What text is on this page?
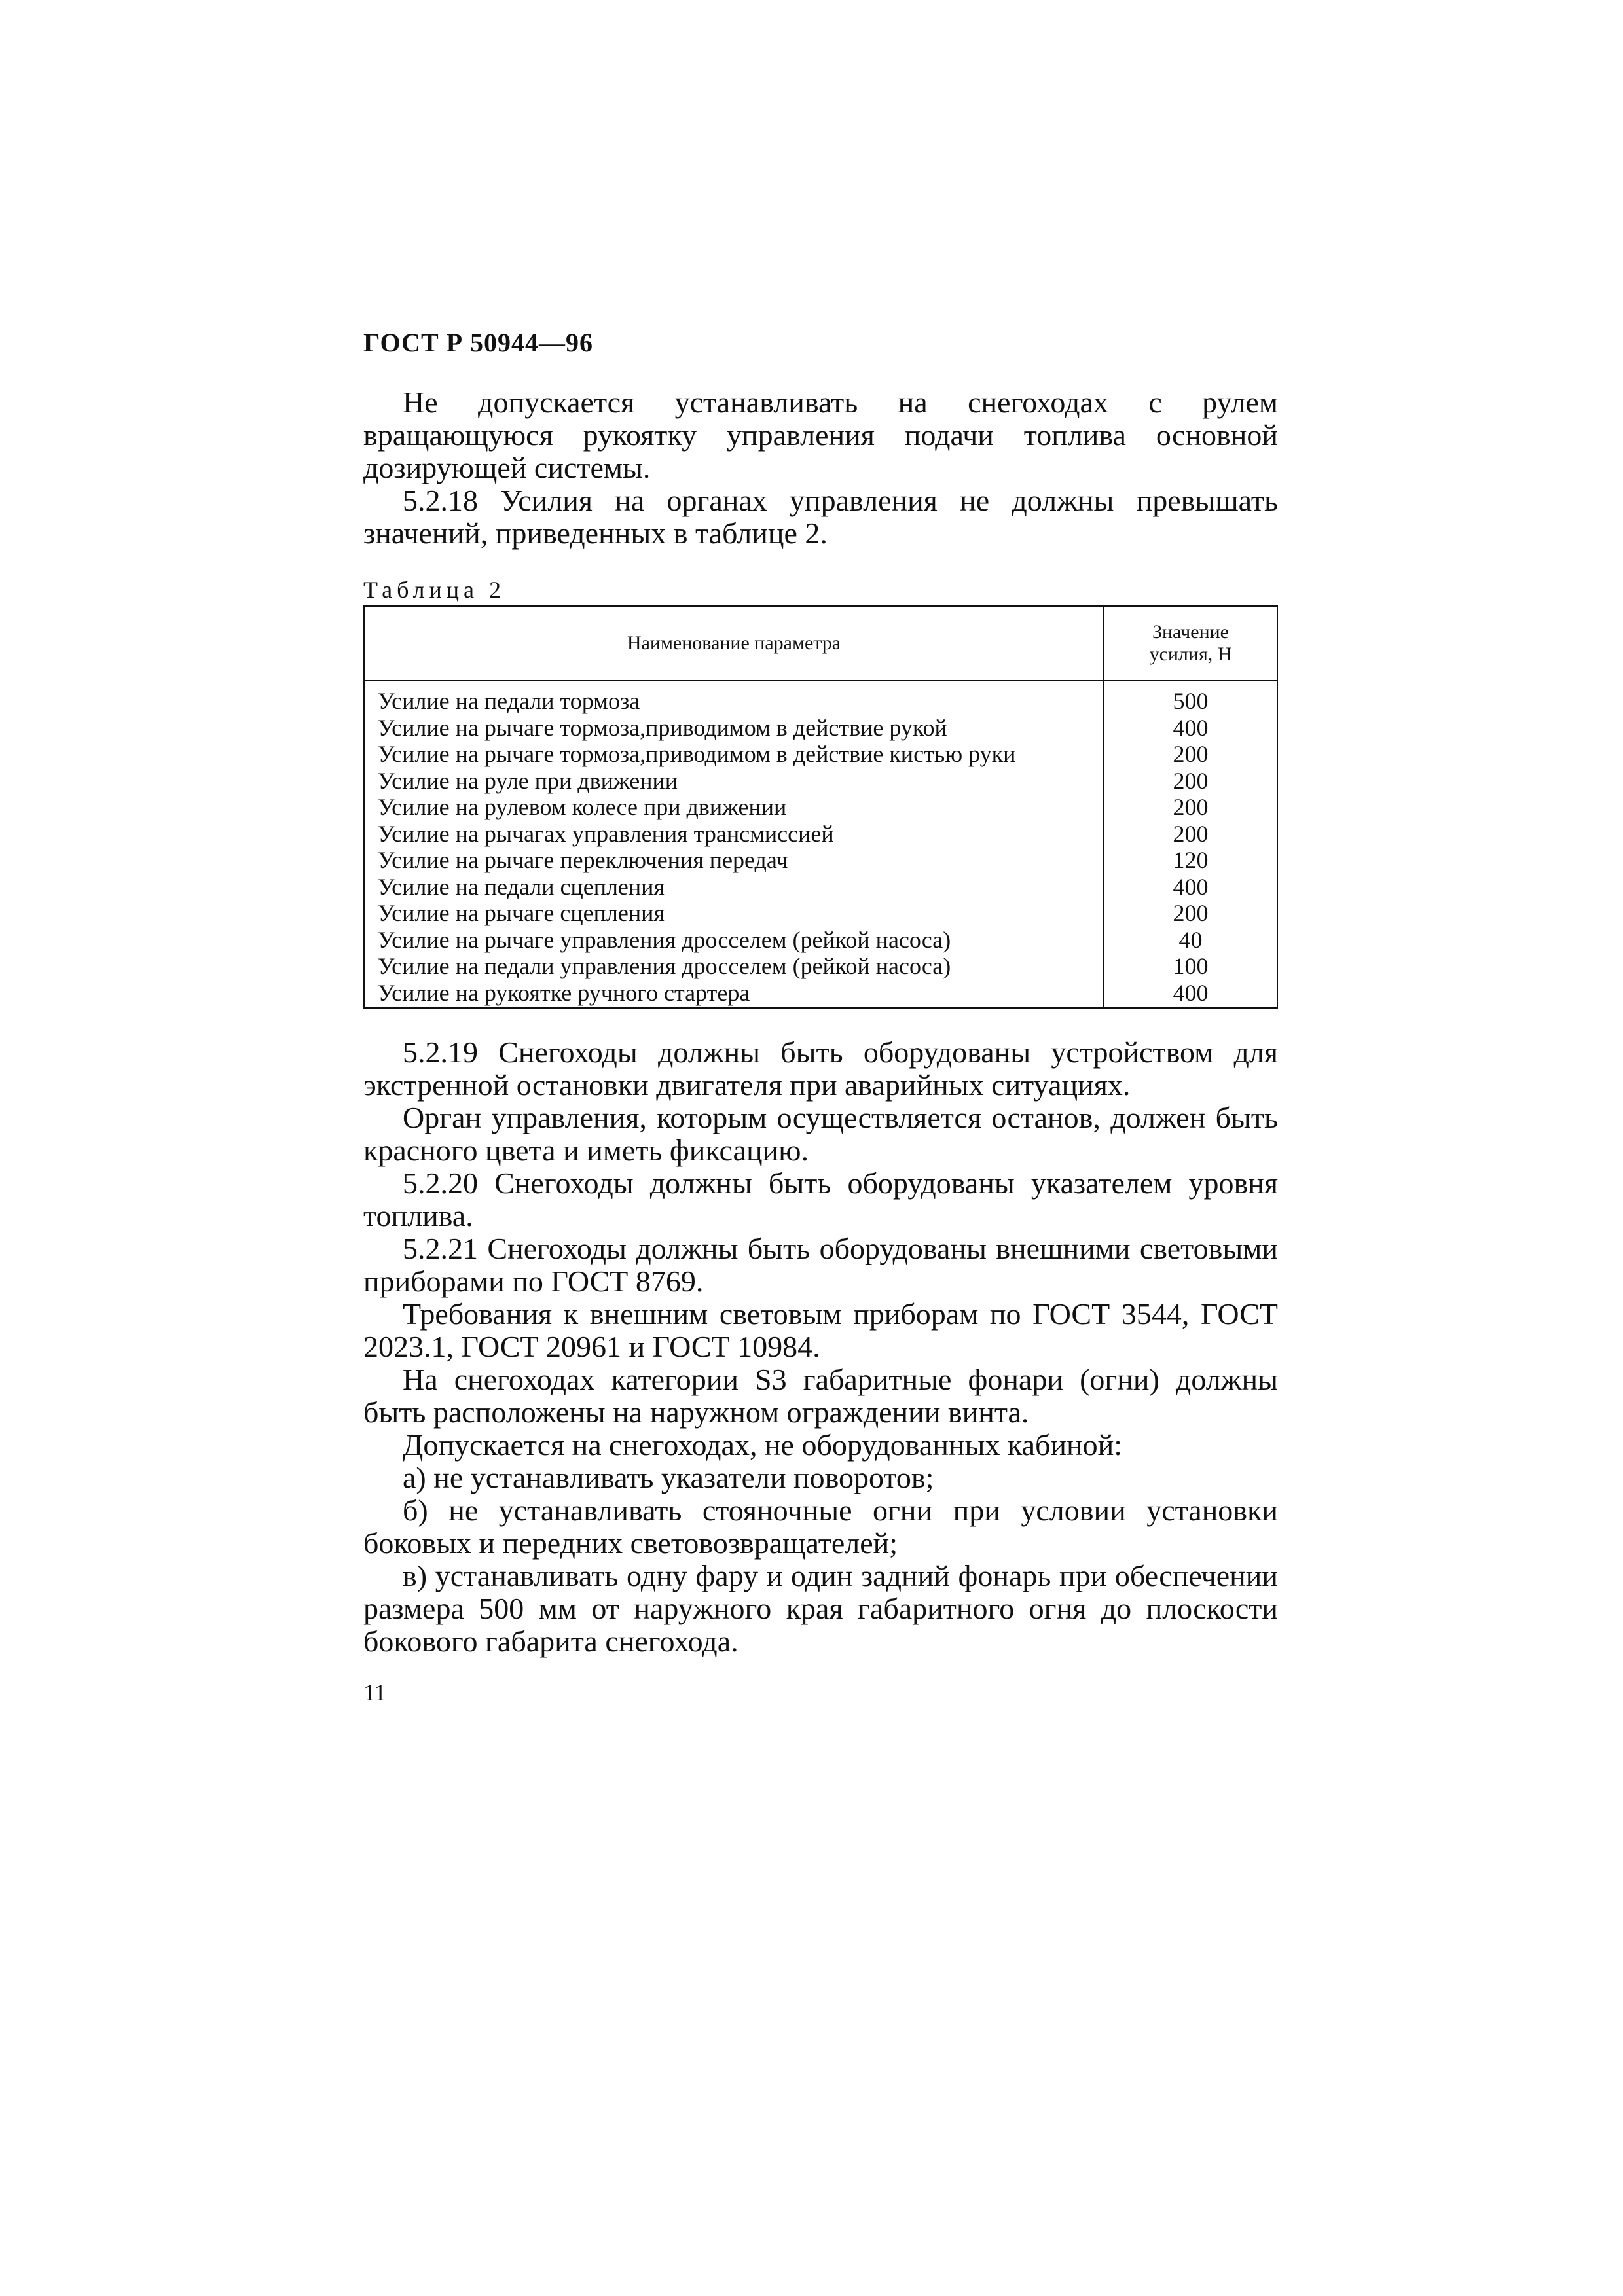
ГОСТ Р 50944—96

Не допускается устанавливать на снегоходах с рулем вращающуюся рукоятку управления подачи топлива основной дозирующей системы.

5.2.18 Усилия на органах управления не должны превышать значений, приведенных в таблице 2.

Таблица 2
Наименование параметра
Значение
усилия, Н
Усилие на педали тормоза
Усилие на рычаге тормоза,приводимом в действие рукой
Усилие на рычаге тормоза,приводимом в действие кистью руки
Усилие на руле при движении
Усилие на рулевом колесе при движении
Усилие на рычагах управления трансмиссией
Усилие на рычаге переключения передач
Усилие на педали сцепления
Усилие на рычаге сцепления
Усилие на рычаге управления дросселем (рейкой насоса)
Усилие на педали управления дросселем (рейкой насоса)
Усилие на рукоятке ручного стартера
500
400
200
200
200
200
120
400
200
40
100
400

5.2.19 Снегоходы должны быть оборудованы устройством для экстренной остановки двигателя при аварийных ситуациях.

Орган управления, которым осуществляется останов, должен быть красного цвета и иметь фиксацию.

5.2.20 Снегоходы должны быть оборудованы указателем уровня топлива.

5.2.21 Снегоходы должны быть оборудованы внешними световыми приборами по ГОСТ 8769.

Требования к внешним световым приборам по ГОСТ 3544, ГОСТ 2023.1, ГОСТ 20961 и ГОСТ 10984.

На снегоходах категории S3 габаритные фонари (огни) должны быть расположены на наружном ограждении винта.

Допускается на снегоходах, не оборудованных кабиной:

а) не устанавливать указатели поворотов;

б) не устанавливать стояночные огни при условии установки боковых и передних световозвращателей;

в) устанавливать одну фару и один задний фонарь при обеспечении размера 500 мм от наружного края габаритного огня до плоскости бокового габарита снегохода.

11
